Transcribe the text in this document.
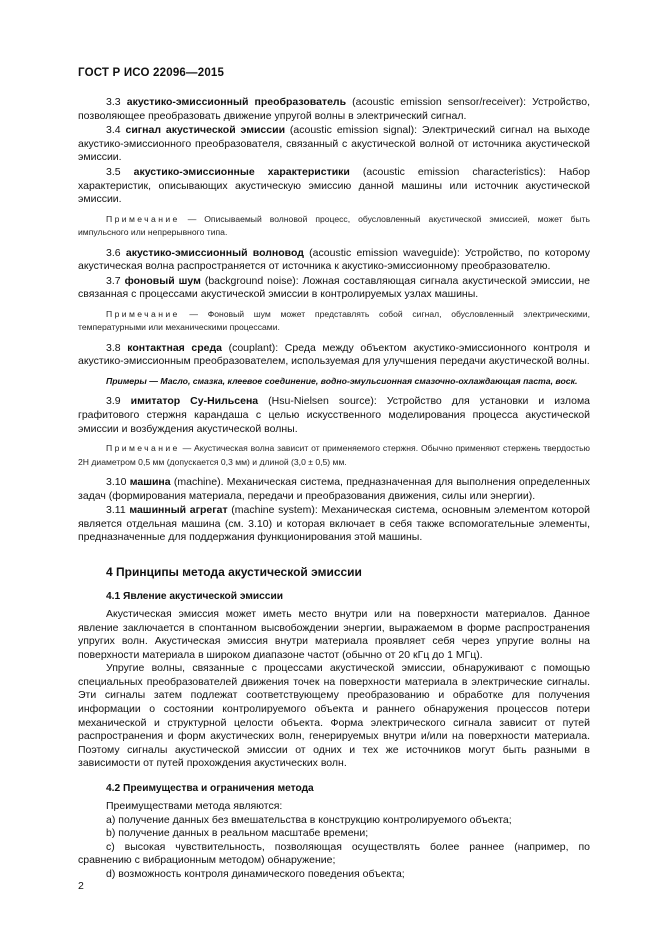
ГОСТ Р ИСО 22096—2015

3.3 акустико-эмиссионный преобразователь (acoustic emission sensor/receiver): Устройство, позволяющее преобразовать движение упругой волны в электрический сигнал.

3.4 сигнал акустической эмиссии (acoustic emission signal): Электрический сигнал на выходе акустико-эмиссионного преобразователя, связанный с акустической волной от источника акустической эмиссии.

3.5 акустико-эмиссионные характеристики (acoustic emission characteristics): Набор характеристик, описывающих акустическую эмиссию данной машины или источник акустической эмиссии.

Примечание — Описываемый волновой процесс, обусловленный акустической эмиссией, может быть импульсного или непрерывного типа.

3.6 акустико-эмиссионный волновод (acoustic emission waveguide): Устройство, по которому акустическая волна распространяется от источника к акустико-эмиссионному преобразователю.

3.7 фоновый шум (background noise): Ложная составляющая сигнала акустической эмиссии, не связанная с процессами акустической эмиссии в контролируемых узлах машины.

Примечание — Фоновый шум может представлять собой сигнал, обусловленный электрическими, температурными или механическими процессами.

3.8 контактная среда (couplant): Среда между объектом акустико-эмиссионного контроля и акустико-эмиссионным преобразователем, используемая для улучшения передачи акустической волны.

Примеры — Масло, смазка, клеевое соединение, водно-эмульсионная смазочно-охлаждающая паста, воск.

3.9 имитатор Су-Нильсена (Hsu-Nielsen source): Устройство для установки и излома графитового стержня карандаша с целью искусственного моделирования процесса акустической эмиссии и возбуждения акустической волны.

Примечание — Акустическая волна зависит от применяемого стержня. Обычно применяют стержень твердостью 2H диаметром 0,5 мм (допускается 0,3 мм) и длиной (3,0 ± 0,5) мм.

3.10 машина (machine). Механическая система, предназначенная для выполнения определенных задач (формирования материала, передачи и преобразования движения, силы или энергии).

3.11 машинный агрегат (machine system): Механическая система, основным элементом которой является отдельная машина (см. 3.10) и которая включает в себя также вспомогательные элементы, предназначенные для поддержания функционирования этой машины.

4 Принципы метода акустической эмиссии
4.1 Явление акустической эмиссии

Акустическая эмиссия может иметь место внутри или на поверхности материалов. Данное явление заключается в спонтанном высвобождении энергии, выражаемом в форме распространения упругих волн. Акустическая эмиссия внутри материала проявляет себя через упругие волны на поверхности материала в широком диапазоне частот (обычно от 20 кГц до 1 МГц).

Упругие волны, связанные с процессами акустической эмиссии, обнаруживают с помощью специальных преобразователей движения точек на поверхности материала в электрические сигналы. Эти сигналы затем подлежат соответствующему преобразованию и обработке для получения информации о состоянии контролируемого объекта и раннего обнаружения процессов потери механической и структурной целости объекта. Форма электрического сигнала зависит от путей распространения и форм акустических волн, генерируемых внутри и/или на поверхности материала. Поэтому сигналы акустической эмиссии от одних и тех же источников могут быть разными в зависимости от путей прохождения акустических волн.

4.2 Преимущества и ограничения метода

Преимуществами метода являются:

a) получение данных без вмешательства в конструкцию контролируемого объекта;

b) получение данных в реальном масштабе времени;

c) высокая чувствительность, позволяющая осуществлять более раннее (например, по сравнению с вибрационным методом) обнаружение;

d) возможность контроля динамического поведения объекта;

2
